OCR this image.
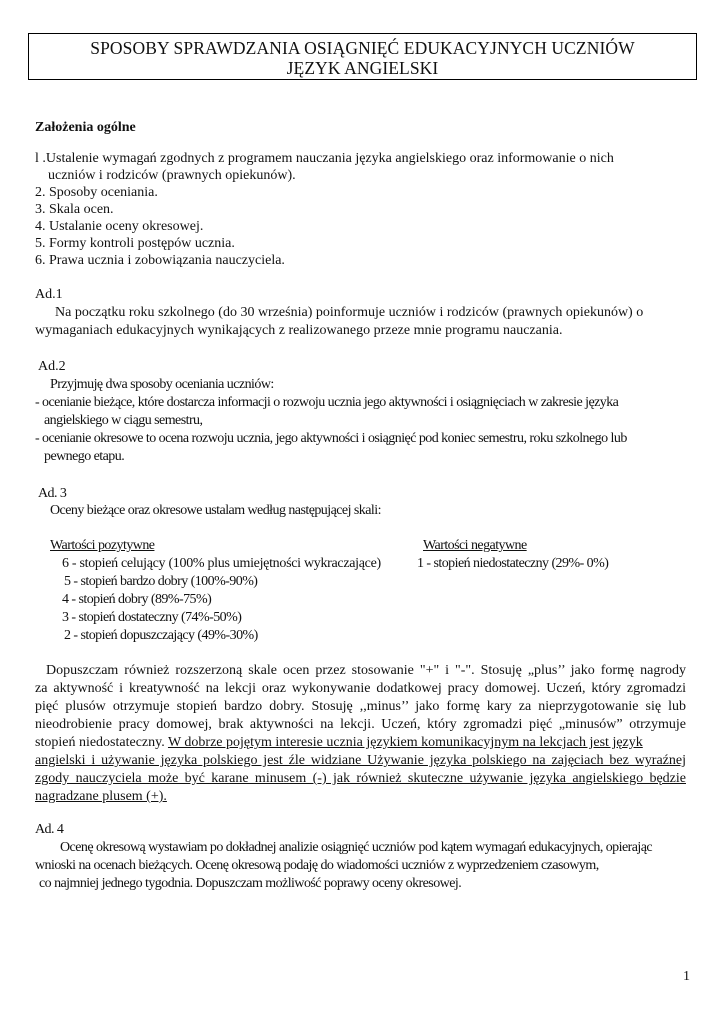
SPOSOBY SPRAWDZANIA OSIĄGNIĘĆ EDUKACYJNYCH UCZNIÓW
JĘZYK ANGIELSKI
Założenia ogólne
l .Ustalenie wymagań zgodnych z programem nauczania języka angielskiego oraz informowanie o nich
uczniów i rodziców (prawnych opiekunów).
2. Sposoby oceniania.
3. Skala ocen.
4. Ustalanie oceny okresowej.
5. Formy kontroli postępów ucznia.
6. Prawa ucznia i zobowiązania nauczyciela.
Ad.1
Na początku roku szkolnego (do 30 września) poinformuje uczniów i rodziców (prawnych opiekunów) o
wymaganiach edukacyjnych wynikających z realizowanego przeze mnie programu nauczania.
Ad.2
Przyjmuję dwa sposoby oceniania uczniów:
- ocenianie bieżące, które dostarcza informacji o rozwoju ucznia jego aktywności i osiągnięciach w zakresie języka
angielskiego w ciągu semestru,
- ocenianie okresowe to ocena rozwoju ucznia, jego aktywności i osiągnięć pod koniec semestru, roku szkolnego lub
pewnego etapu.
Ad. 3
Oceny bieżące oraz okresowe ustalam według następującej skali:
Wartości pozytywne	Wartości negatywne
6 - stopień celujący (100% plus umiejętności wykraczające)
5 - stopień bardzo dobry (100%-90%)
4 - stopień dobry (89%-75%)
3 - stopień dostateczny (74%-50%)
2 - stopień dopuszczający (49%-30%)
1 - stopień niedostateczny (29%- 0%)
Dopuszczam również rozszerzoną skale ocen przez stosowanie "+" i "-". Stosuję „plus’’ jako formę nagrody
za aktywność i kreatywność na lekcji oraz wykonywanie dodatkowej pracy domowej. Uczeń, który zgromadzi
pięć plusów otrzymuje stopień bardzo dobry. Stosuję ,,minus’’ jako formę kary za nieprzygotowanie się lub
nieodrobienie pracy domowej, brak aktywności na lekcji. Uczeń, który zgromadzi pięć „minusów” otrzymuje
stopień niedostateczny. W dobrze pojętym interesie ucznia językiem komunikacyjnym na lekcjach jest język
angielski i używanie języka polskiego jest źle widziane Używanie języka polskiego na zajęciach bez wyraźnej
zgody nauczyciela może być karane minusem (-) jak również skuteczne używanie języka angielskiego będzie
nagradzane plusem (+).
Ad. 4
Ocenę okresową wystawiam po dokładnej analizie osiągnięć uczniów pod kątem wymagań edukacyjnych, opierając
wnioski na ocenach bieżących. Ocenę okresową podaję do wiadomości uczniów z wyprzedzeniem czasowym,
co najmniej jednego tygodnia. Dopuszczam możliwość poprawy oceny okresowej.
1
